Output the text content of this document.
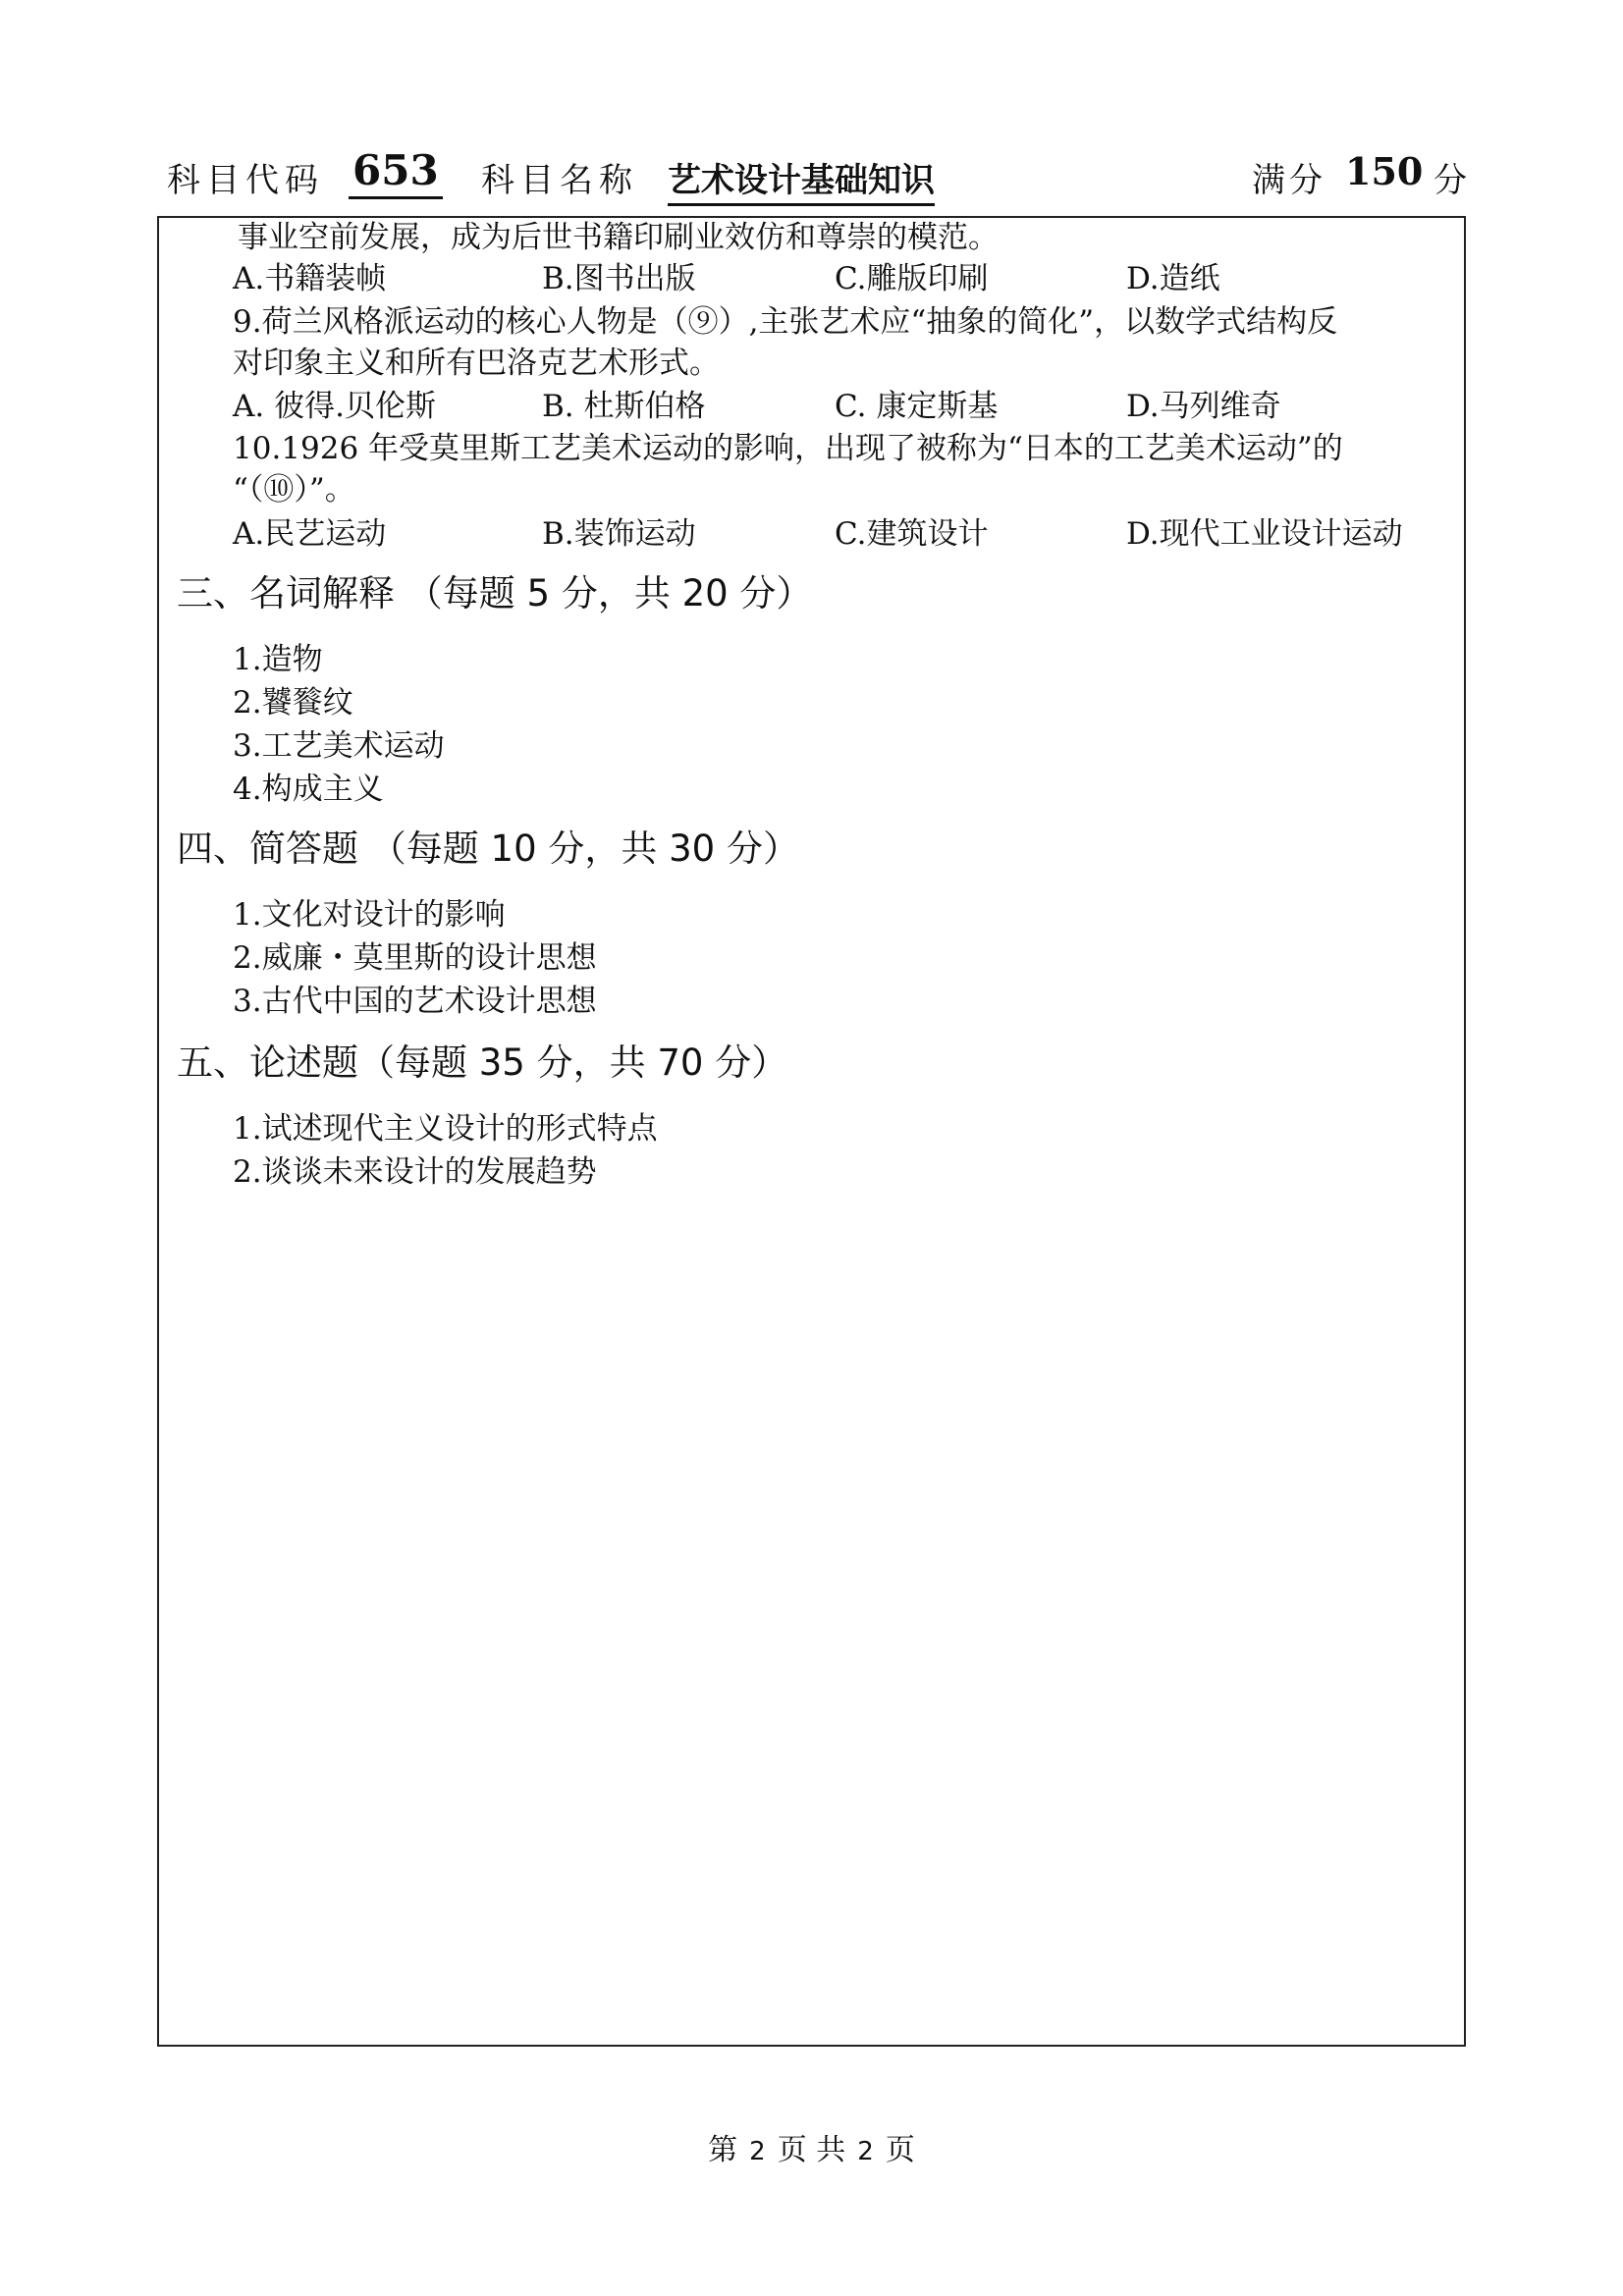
科目代码 653 科目名称 艺术设计基础知识	满分 150 分
事业空前发展，成为后世书籍印刷业效仿和尊崇的模范。
A.书籍装帧	B.图书出版	C.雕版印刷	D.造纸
9.荷兰风格派运动的核心人物是（⑨）,主张艺术应“抽象的简化”，以数学式结构反
对印象主义和所有巴洛克艺术形式。
A. 彼得.贝伦斯	B. 杜斯伯格	C. 康定斯基	D.马列维奇
10.1926 年受莫里斯工艺美术运动的影响，出现了被称为“日本的工艺美术运动”的
“（⑩）”。
A.民艺运动	B.装饰运动	C.建筑设计	D.现代工业设计运动
三、名词解释 （每题 5 分，共 20 分）
1.造物
2.饕餮纹
3.工艺美术运动
4.构成主义
四、简答题 （每题 10 分，共 30 分）
1.文化对设计的影响
2.威廉・莫里斯的设计思想
3.古代中国的艺术设计思想
五、论述题（每题 35 分，共 70 分）
1.试述现代主义设计的形式特点
2.谈谈未来设计的发展趋势
第 2 页 共 2 页
